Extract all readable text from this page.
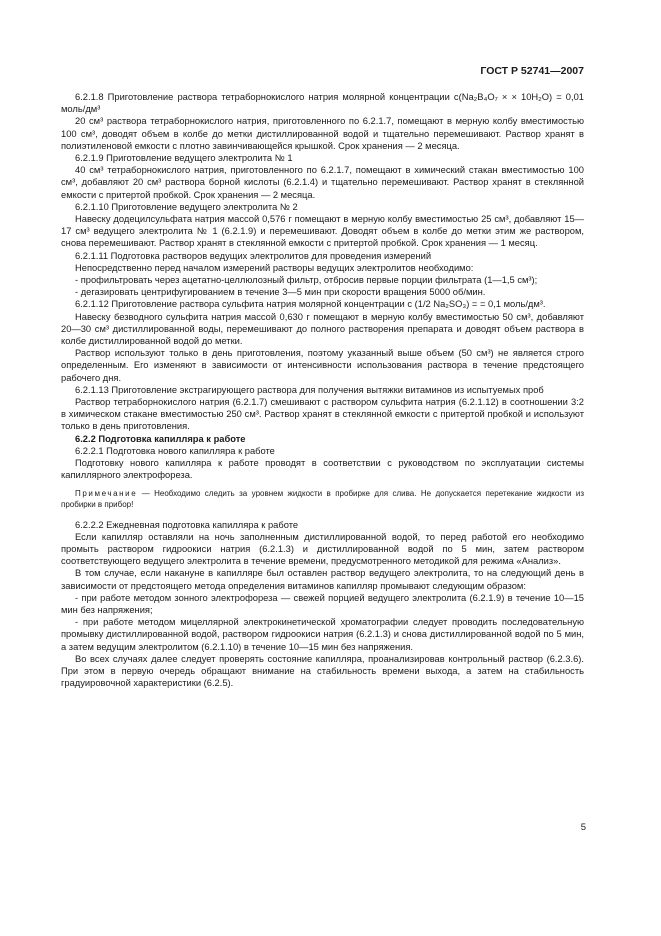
ГОСТ Р 52741—2007

6.2.1.8 Приготовление раствора тетраборнокислого натрия молярной концентрации c(Na₂B₄O₇ × × 10H₂O) = 0,01 моль/дм³

20 см³ раствора тетраборнокислого натрия, приготовленного по 6.2.1.7, помещают в мерную колбу вместимостью 100 см³, доводят объем в колбе до метки дистиллированной водой и тщательно перемешивают. Раствор хранят в полиэтиленовой емкости с плотно завинчивающейся крышкой. Срок хранения — 2 месяца.

6.2.1.9 Приготовление ведущего электролита № 1

40 см³ тетраборнокислого натрия, приготовленного по 6.2.1.7, помещают в химический стакан вместимостью 100 см³, добавляют 20 см³ раствора борной кислоты (6.2.1.4) и тщательно перемешивают. Раствор хранят в стеклянной емкости с притертой пробкой. Срок хранения — 2 месяца.

6.2.1.10 Приготовление ведущего электролита № 2

Навеску додецилсульфата натрия массой 0,576 г помещают в мерную колбу вместимостью 25 см³, добавляют 15—17 см³ ведущего электролита № 1 (6.2.1.9) и перемешивают. Доводят объем в колбе до метки этим же раствором, снова перемешивают. Раствор хранят в стеклянной емкости с притертой пробкой. Срок хранения — 1 месяц.

6.2.1.11 Подготовка растворов ведущих электролитов для проведения измерений

Непосредственно перед началом измерений растворы ведущих электролитов необходимо:

- профильтровать через ацетатно-целлюлозный фильтр, отбросив первые порции фильтрата (1—1,5 см³);

- дегазировать центрифугированием в течение 3—5 мин при скорости вращения 5000 об/мин.

6.2.1.12 Приготовление раствора сульфита натрия молярной концентрации c (1/2 Na₂SO₃) = = 0,1 моль/дм³.

Навеску безводного сульфита натрия массой 0,630 г помещают в мерную колбу вместимостью 50 см³, добавляют 20—30 см³ дистиллированной воды, перемешивают до полного растворения препарата и доводят объем раствора в колбе дистиллированной водой до метки.

Раствор используют только в день приготовления, поэтому указанный выше объем (50 см³) не является строго определенным. Его изменяют в зависимости от интенсивности использования раствора в течение предстоящего рабочего дня.

6.2.1.13 Приготовление экстрагирующего раствора для получения вытяжки витаминов из испытуемых проб

Раствор тетраборнокислого натрия (6.2.1.7) смешивают с раствором сульфита натрия (6.2.1.12) в соотношении 3:2 в химическом стакане вместимостью 250 см³. Раствор хранят в стеклянной емкости с притертой пробкой и используют только в день приготовления.

6.2.2 Подготовка капилляра к работе

6.2.2.1 Подготовка нового капилляра к работе

Подготовку нового капилляра к работе проводят в соответствии с руководством по эксплуатации системы капиллярного электрофореза.

Примечание — Необходимо следить за уровнем жидкости в пробирке для слива. Не допускается перетекание жидкости из пробирки в прибор!

6.2.2.2 Ежедневная подготовка капилляра к работе

Если капилляр оставляли на ночь заполненным дистиллированной водой, то перед работой его необходимо промыть раствором гидроокиси натрия (6.2.1.3) и дистиллированной водой по 5 мин, затем раствором соответствующего ведущего электролита в течение времени, предусмотренного методикой для режима «Анализ».

В том случае, если накануне в капилляре был оставлен раствор ведущего электролита, то на следующий день в зависимости от предстоящего метода определения витаминов капилляр промывают следующим образом:

- при работе методом зонного электрофореза — свежей порцией ведущего электролита (6.2.1.9) в течение 10—15 мин без напряжения;

- при работе методом мицеллярной электрокинетической хроматографии следует проводить последовательную промывку дистиллированной водой, раствором гидроокиси натрия (6.2.1.3) и снова дистиллированной водой по 5 мин, а затем ведущим электролитом (6.2.1.10) в течение 10—15 мин без напряжения.

Во всех случаях далее следует проверять состояние капилляра, проанализировав контрольный раствор (6.2.3.6). При этом в первую очередь обращают внимание на стабильность времени выхода, а затем на стабильность градуировочной характеристики (6.2.5).

5
